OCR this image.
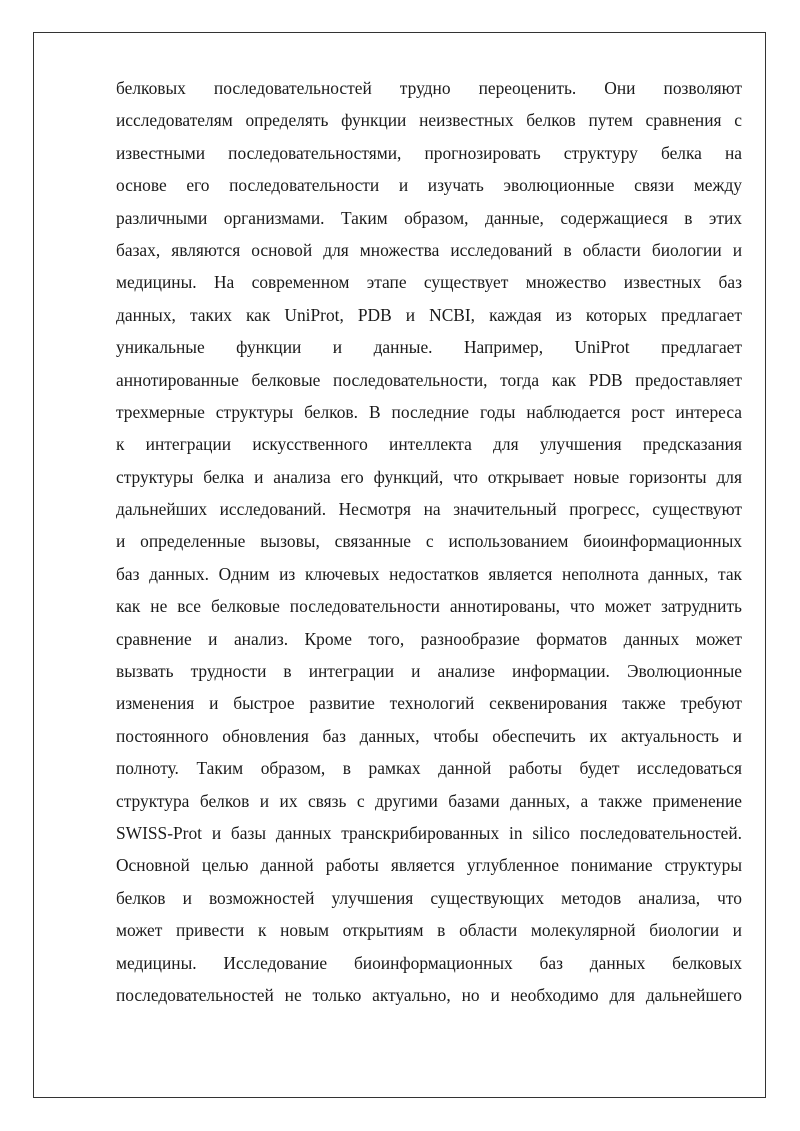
белковых последовательностей трудно переоценить. Они позволяют
исследователям определять функции неизвестных белков путем сравнения с
известными последовательностями, прогнозировать структуру белка на
основе его последовательности и изучать эволюционные связи между
различными организмами. Таким образом, данные, содержащиеся в этих
базах, являются основой для множества исследований в области биологии и
медицины. На современном этапе существует множество известных баз
данных, таких как UniProt, PDB и NCBI, каждая из которых предлагает
уникальные функции и данные. Например, UniProt предлагает
аннотированные белковые последовательности, тогда как PDB предоставляет
трехмерные структуры белков. В последние годы наблюдается рост интереса
к интеграции искусственного интеллекта для улучшения предсказания
структуры белка и анализа его функций, что открывает новые горизонты для
дальнейших исследований. Несмотря на значительный прогресс, существуют
и определенные вызовы, связанные с использованием биоинформационных
баз данных. Одним из ключевых недостатков является неполнота данных, так
как не все белковые последовательности аннотированы, что может затруднить
сравнение и анализ. Кроме того, разнообразие форматов данных может
вызвать трудности в интеграции и анализе информации. Эволюционные
изменения и быстрое развитие технологий секвенирования также требуют
постоянного обновления баз данных, чтобы обеспечить их актуальность и
полноту. Таким образом, в рамках данной работы будет исследоваться
структура белков и их связь с другими базами данных, а также применение
SWISS-Prot и базы данных транскрибированных in silico последовательностей.
Основной целью данной работы является углубленное понимание структуры
белков и возможностей улучшения существующих методов анализа, что
может привести к новым открытиям в области молекулярной биологии и
медицины. Исследование биоинформационных баз данных белковых
последовательностей не только актуально, но и необходимо для дальнейшего
